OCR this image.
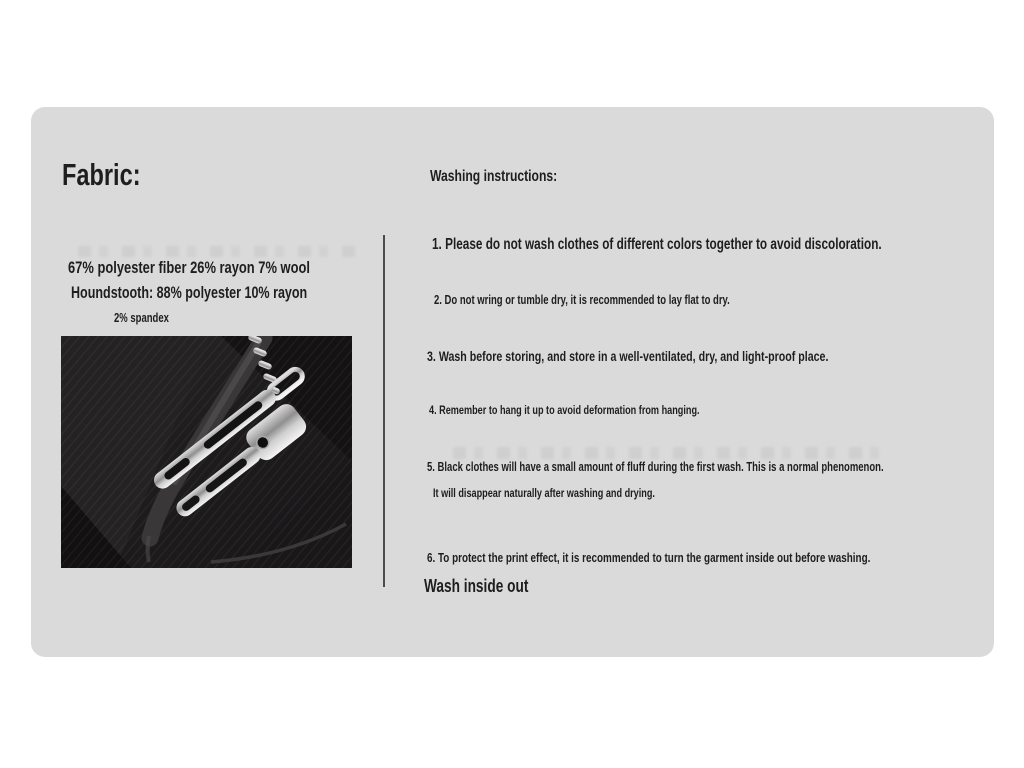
Fabric:
67% polyester fiber 26% rayon 7% wool
Houndstooth: 88% polyester 10% rayon
2% spandex
Washing instructions:
1. Please do not wash clothes of different colors together to avoid discoloration.
2. Do not wring or tumble dry, it is recommended to lay flat to dry.
3. Wash before storing, and store in a well-ventilated, dry, and light-proof place.
4. Remember to hang it up to avoid deformation from hanging.
5. Black clothes will have a small amount of fluff during the first wash. This is a normal phenomenon.
It will disappear naturally after washing and drying.
6. To protect the print effect, it is recommended to turn the garment inside out before washing.
Wash inside out
